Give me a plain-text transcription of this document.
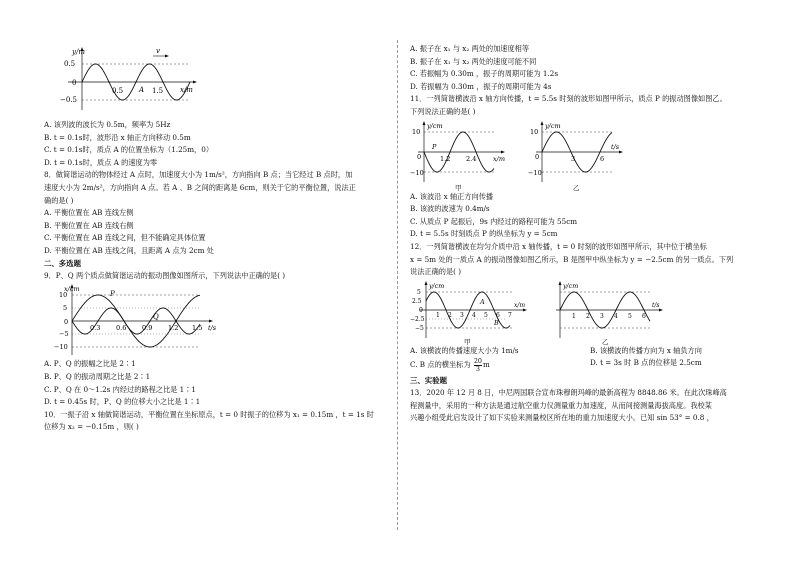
y/m
0.5
0
−0.5
0.5 A 1.5 x/m
v
A. 该列波的波长为 0.5m，频率为 5Hz
B. t = 0.1s时，波形沿 x 轴正方向移动 0.5m
C. t = 0.1s时，质点 A 的位置坐标为（1.25m，0）
D. t = 0.1s时，质点 A 的速度为零
8．做简谐运动的物体经过 A 点时，加速度大小为 1m/s²，方向指向 B 点；当它经过 B 点时，加
速度大小为 2m/s²，方向指向 A 点。若 A 、B 之间的距离是 6cm，则关于它的平衡位置，说法正
确的是( )
A. 平衡位置在 AB 连线左侧
B. 平衡位置在 AB 连线右侧
C. 平衡位置在 AB 连线之间，但不能确定具体位置
D. 平衡位置在 AB 连线之间，且距离 A 点为 2cm 处
二、多选题
9．P、Q 两个质点做简谐运动的振动图像如图所示，下列说法中正确的是( )
x/cm
10
5
0
−5
−10
0.3 0.6 0.9 1.2 1.5 t/s
P
Q
A. P、Q 的振幅之比是 2∶1
B. P、Q 的振动周期之比是 2∶1
C. P、Q 在 0～1.2s 内经过的路程之比是 1∶1
D. t = 0.45s 时，P、Q 的位移大小之比是 1∶1
10．一振子沿 x 轴做简谐运动，平衡位置在坐标原点，t = 0 时振子的位移为 x₁ = 0.15m ，t = 1s 时
位移为 x₂ = −0.15m ，则( )
A. 振子在 x₁ 与 x₂ 两处的加速度相等
B. 振子在 x₁ 与 x₂ 两处的速度可能不同
C. 若振幅为 0.30m ，振子的周期可能为 1.2s
D. 若振幅为 0.30m ，振子的周期可能为 4s
11．一列简谐横波沿 x 轴方向传播，t = 5.5s 时刻的波形如图甲所示，质点 P 的振动图像如图乙。
下列说法正确的是( )
y/cm
10
0
−10
1.2 2.4	x/m
P
甲
y/cm
10
0
−10
3	6
t/s
乙
A. 该波沿 x 轴正方向传播
B. 该波的波速为 0.4m/s
C. 从质点 P 起振后，9s 内经过的路程可能为 55cm
D. t = 5.5s 时刻质点 P 的纵坐标为 y = 5cm
12．一列简谐横波在均匀介质中沿 x 轴传播，t = 0 时刻的波形如图甲所示，其中位于横坐标
x = 5m 处的一质点 A 的振动图像如图乙所示，B 是图甲中纵坐标为 y = −2.5cm 的另一质点。下列
说法正确的是( )
y/cm
5
2.5
0
−2.5
−5
1 2 3 4 5 6 7
x/m
A
B
甲
y/cm
1 2 3 4 5 6
t/s
乙
A. 该横波的传播速度大小为 1m/s	B. 该横波的传播方向为 x 轴负方向
C. B 点的横坐标为 $\frac{20}{3}$ m	D. t = 3s 时 B 点的位移是 2.5cm
三、实验题
13．2020 年 12 月 8 日，中尼两国联合宣布珠穆朗玛峰的最新高程为 8848.86 米。在此次珠峰高
程测量中，采用的一种方法是通过航空重力仪测量重力加速度，从而间接测量海拔高度。我校某
兴趣小组受此启发设计了如下实验来测量校区所在地的重力加速度大小。已知 sin 53° = 0.8 ，
